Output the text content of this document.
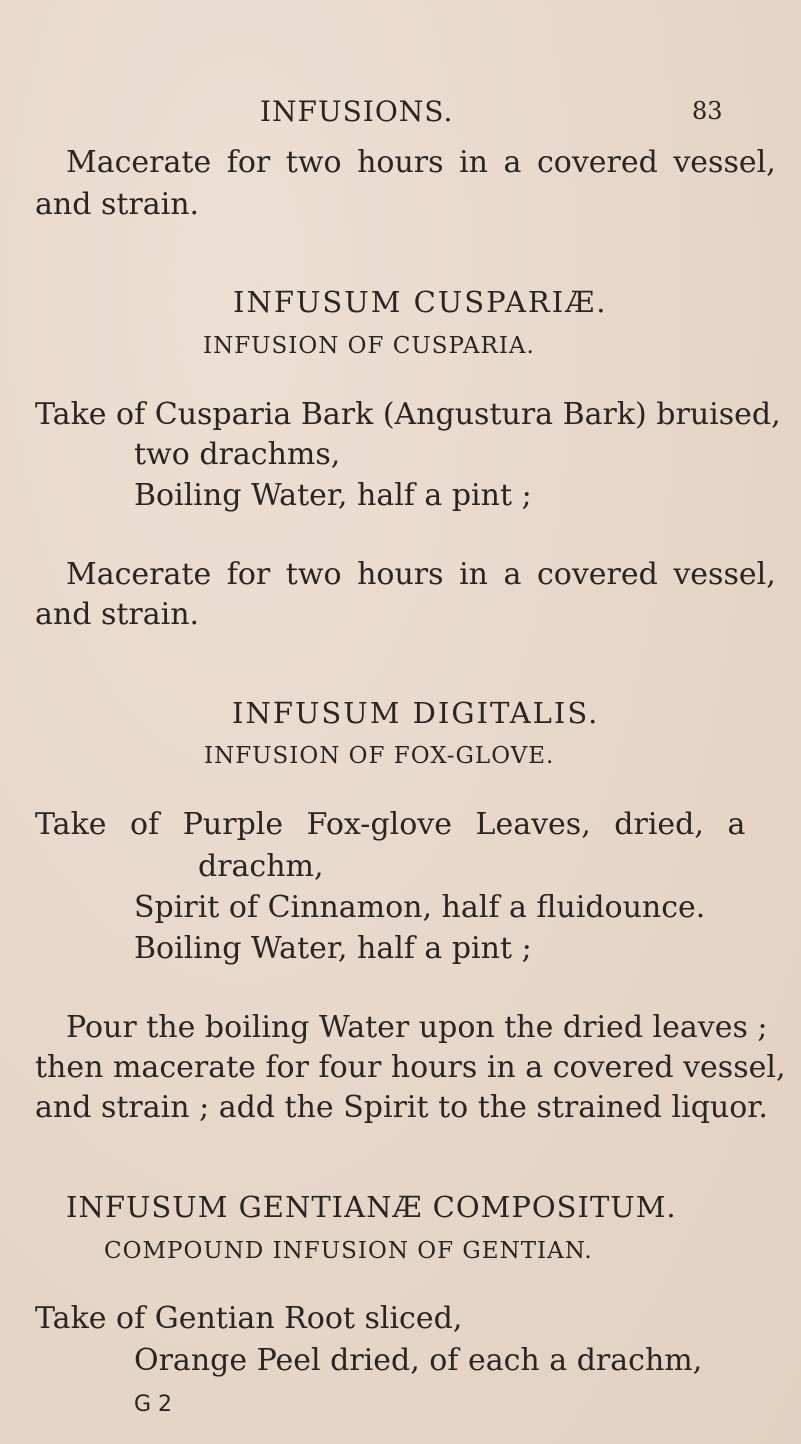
INFUSIONS.	83
Macerate for two hours in a covered vessel,
and strain.
INFUSUM CUSPARIÆ.
INFUSION OF CUSPARIA.
Take of Cusparia Bark (Angustura Bark) bruised,
two drachms,
Boiling Water, half a pint ;
Macerate for two hours in a covered vessel,
and strain.
INFUSUM DIGITALIS.
INFUSION OF FOX-GLOVE.
Take of Purple Fox-glove Leaves, dried, a
drachm,
Spirit of Cinnamon, half a fluidounce.
Boiling Water, half a pint ;
Pour the boiling Water upon the dried leaves ;
then macerate for four hours in a covered vessel,
and strain ; add the Spirit to the strained liquor.
INFUSUM GENTIANÆ COMPOSITUM.
COMPOUND INFUSION OF GENTIAN.
Take of Gentian Root sliced,
Orange Peel dried, of each a drachm,
G 2
